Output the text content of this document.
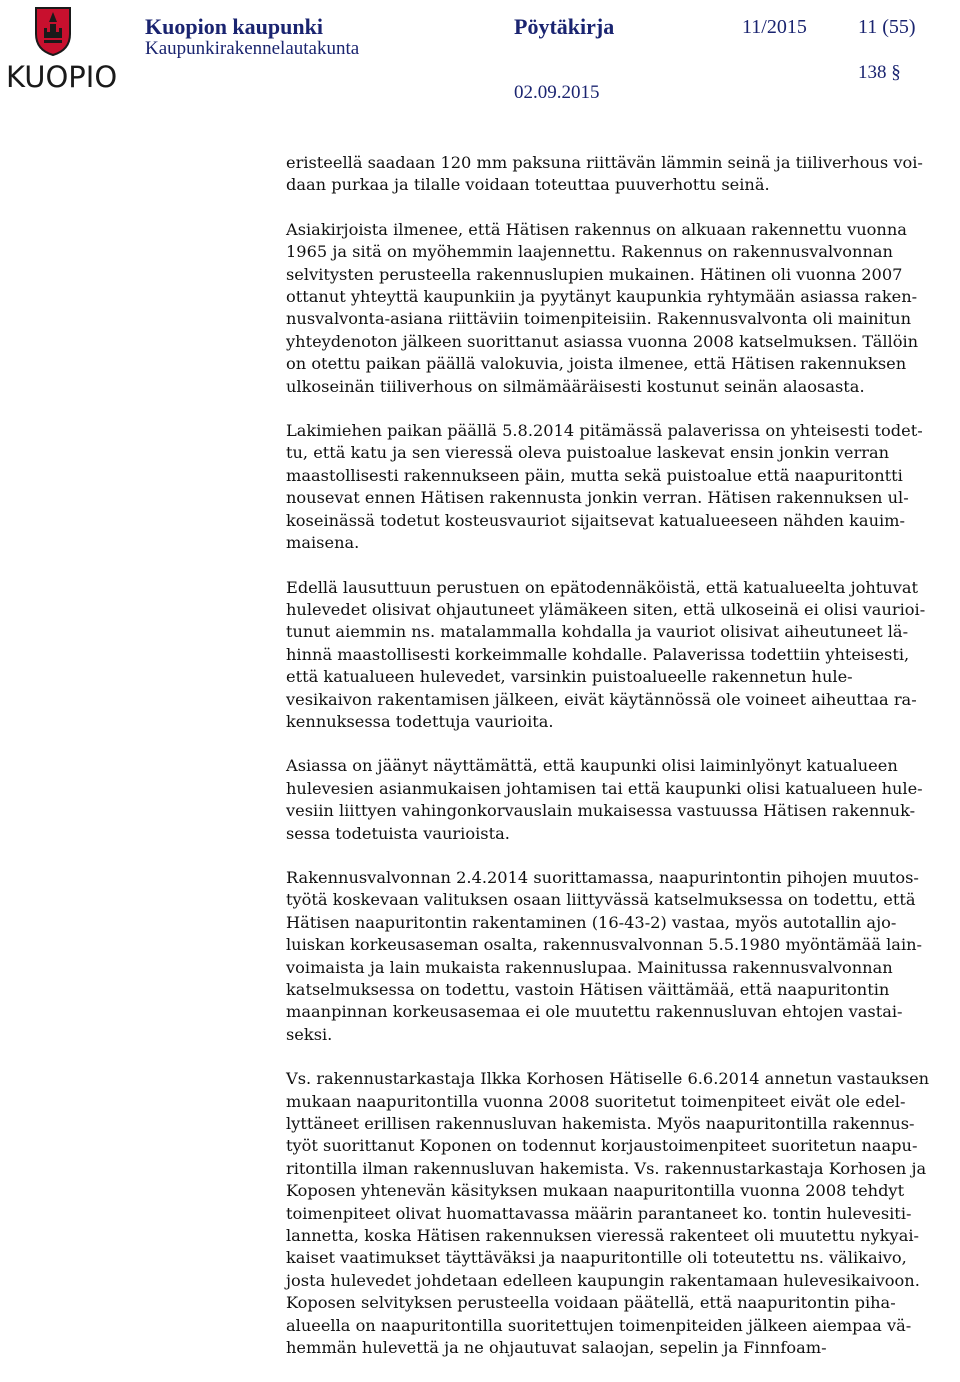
KUOPIO
Kuopion kaupunki
Kaupunkirakennelautakunta
Pöytäkirja	11/2015	11 (55)
138 §
02.09.2015
eristeellä saadaan 120 mm paksuna riittävän lämmin seinä ja tiiliverhous voi-
daan purkaa ja tilalle voidaan toteuttaa puuverhottu seinä.
Asiakirjoista ilmenee, että Hätisen rakennus on alkuaan rakennettu vuonna
1965 ja sitä on myöhemmin laajennettu. Rakennus on rakennusvalvonnan
selvitysten perusteella rakennuslupien mukainen. Hätinen oli vuonna 2007
ottanut yhteyttä kaupunkiin ja pyytänyt kaupunkia ryhtymään asiassa raken-
nusvalvonta-asiana riittäviin toimenpiteisiin. Rakennusvalvonta oli mainitun
yhteydenoton jälkeen suorittanut asiassa vuonna 2008 katselmuksen. Tällöin
on otettu paikan päällä valokuvia, joista ilmenee, että Hätisen rakennuksen
ulkoseinän tiiliverhous on silmämääräisesti kostunut seinän alaosasta.
Lakimiehen paikan päällä 5.8.2014 pitämässä palaverissa on yhteisesti todet-
tu, että katu ja sen vieressä oleva puistoalue laskevat ensin jonkin verran
maastollisesti rakennukseen päin, mutta sekä puistoalue että naapuritontti
nousevat ennen Hätisen rakennusta jonkin verran. Hätisen rakennuksen ul-
koseinässä todetut kosteusvauriot sijaitsevat katualueeseen nähden kauim-
maisena.
Edellä lausuttuun perustuen on epätodennäköistä, että katualueelta johtuvat
hulevedet olisivat ohjautuneet ylämäkeen siten, että ulkoseinä ei olisi vaurioi-
tunut aiemmin ns. matalammalla kohdalla ja vauriot olisivat aiheutuneet lä-
hinnä maastollisesti korkeimmalle kohdalle. Palaverissa todettiin yhteisesti,
että katualueen hulevedet, varsinkin puistoalueelle rakennetun hule-
vesikaivon rakentamisen jälkeen, eivät käytännössä ole voineet aiheuttaa ra-
kennuksessa todettuja vaurioita.
Asiassa on jäänyt näyttämättä, että kaupunki olisi laiminlyönyt katualueen
hulevesien asianmukaisen johtamisen tai että kaupunki olisi katualueen hule-
vesiin liittyen vahingonkorvauslain mukaisessa vastuussa Hätisen rakennuk-
sessa todetuista vaurioista.
Rakennusvalvonnan 2.4.2014 suorittamassa, naapurintontin pihojen muutos-
työtä koskevaan valituksen osaan liittyvässä katselmuksessa on todettu, että
Hätisen naapuritontin rakentaminen (16-43-2) vastaa, myös autotallin ajo-
luiskan korkeusaseman osalta, rakennusvalvonnan 5.5.1980 myöntämää lain-
voimaista ja lain mukaista rakennuslupaa. Mainitussa rakennusvalvonnan
katselmuksessa on todettu, vastoin Hätisen väittämää, että naapuritontin
maanpinnan korkeusasemaa ei ole muutettu rakennusluvan ehtojen vastai-
seksi.
Vs. rakennustarkastaja Ilkka Korhosen Hätiselle 6.6.2014 annetun vastauksen
mukaan naapuritontilla vuonna 2008 suoritetut toimenpiteet eivät ole edel-
lyttäneet erillisen rakennusluvan hakemista. Myös naapuritontilla rakennus-
työt suorittanut Koponen on todennut korjaustoimenpiteet suoritetun naapu-
ritontilla ilman rakennusluvan hakemista. Vs. rakennustarkastaja Korhosen ja
Koposen yhtenevän käsityksen mukaan naapuritontilla vuonna 2008 tehdyt
toimenpiteet olivat huomattavassa määrin parantaneet ko. tontin hulevesiti-
lannetta, koska Hätisen rakennuksen vieressä rakenteet oli muutettu nykyai-
kaiset vaatimukset täyttäväksi ja naapuritontille oli toteutettu ns. välikaivo,
josta hulevedet johdetaan edelleen kaupungin rakentamaan hulevesikaivoon.
Koposen selvityksen perusteella voidaan päätellä, että naapuritontin piha-
alueella on naapuritontilla suoritettujen toimenpiteiden jälkeen aiempaa vä-
hemmän hulevettä ja ne ohjautuvat salaojan, sepelin ja Finnfoam-
